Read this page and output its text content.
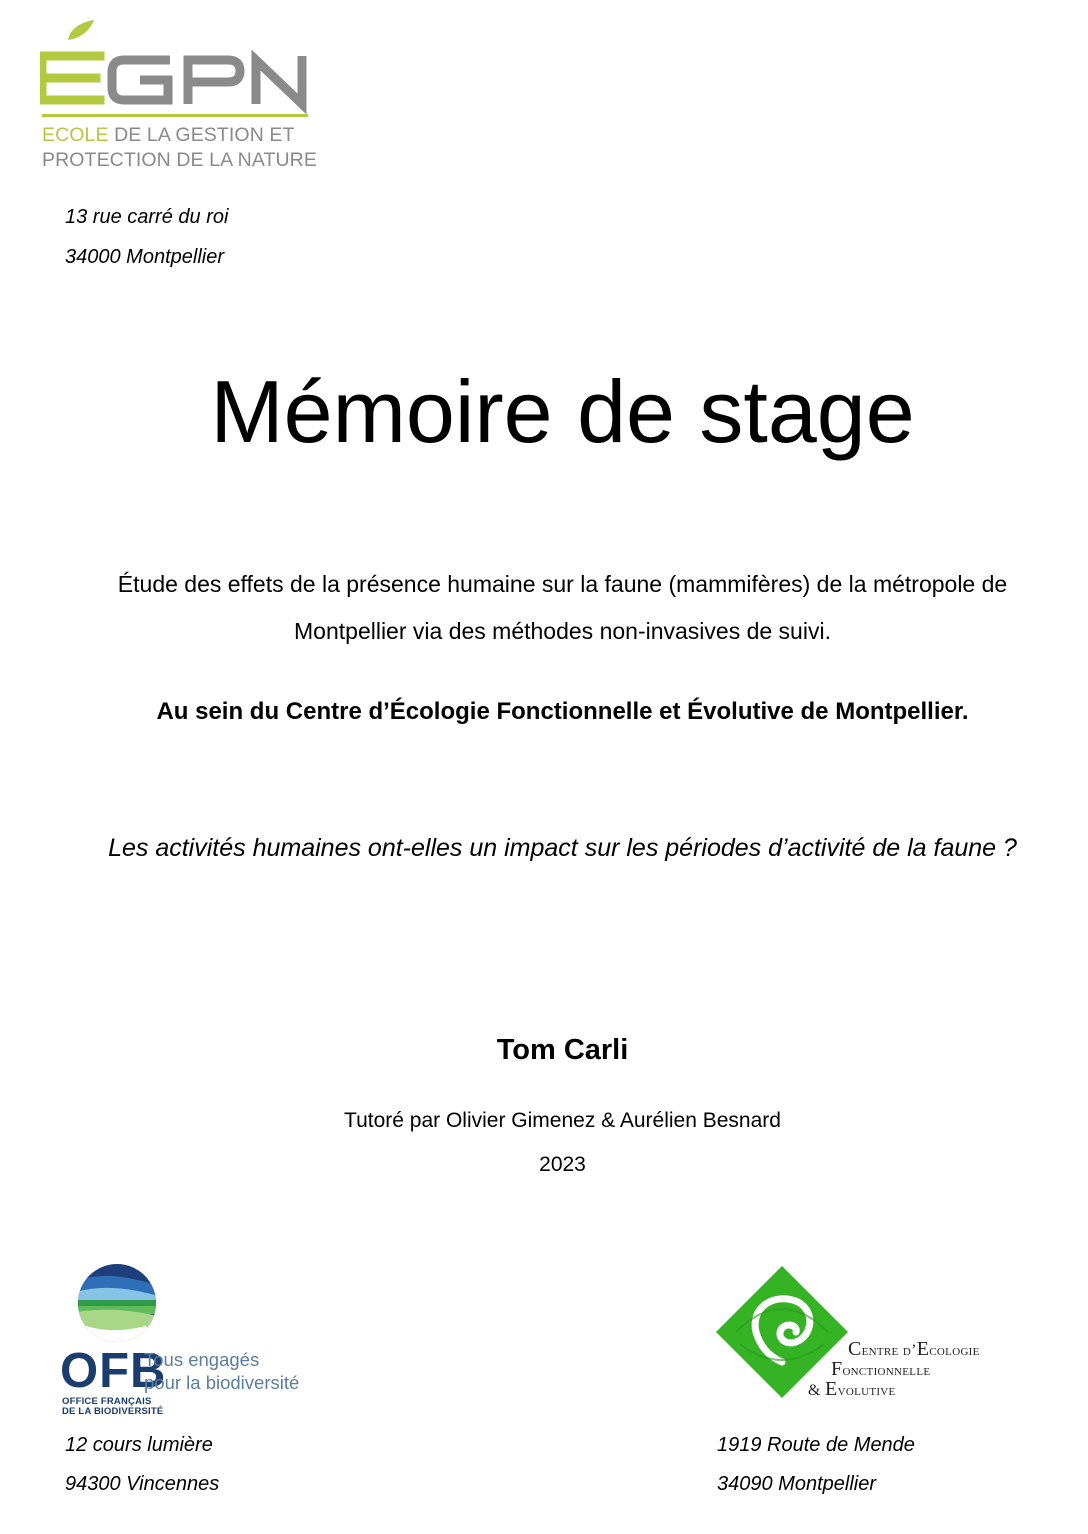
ECOLE DE LA GESTION ET
PROTECTION DE LA NATURE
13 rue carré du roi
34000 Montpellier
Mémoire de stage
Étude des effets de la présence humaine sur la faune (mammifères) de la métropole de Montpellier via des méthodes non-invasives de suivi.
Au sein du Centre d’Écologie Fonctionnelle et Évolutive de Montpellier.
Les activités humaines ont-elles un impact sur les périodes d’activité de la faune ?
Tom Carli
Tutoré par Olivier Gimenez & Aurélien Besnard
2023
OFB
OFFICE FRANÇAIS
DE LA BIODIVERSITÉ
Tous engagés
pour la biodiversité
12 cours lumière
94300 Vincennes
Centre d’Ecologie
Fonctionnelle
& Evolutive
1919 Route de Mende
34090 Montpellier
